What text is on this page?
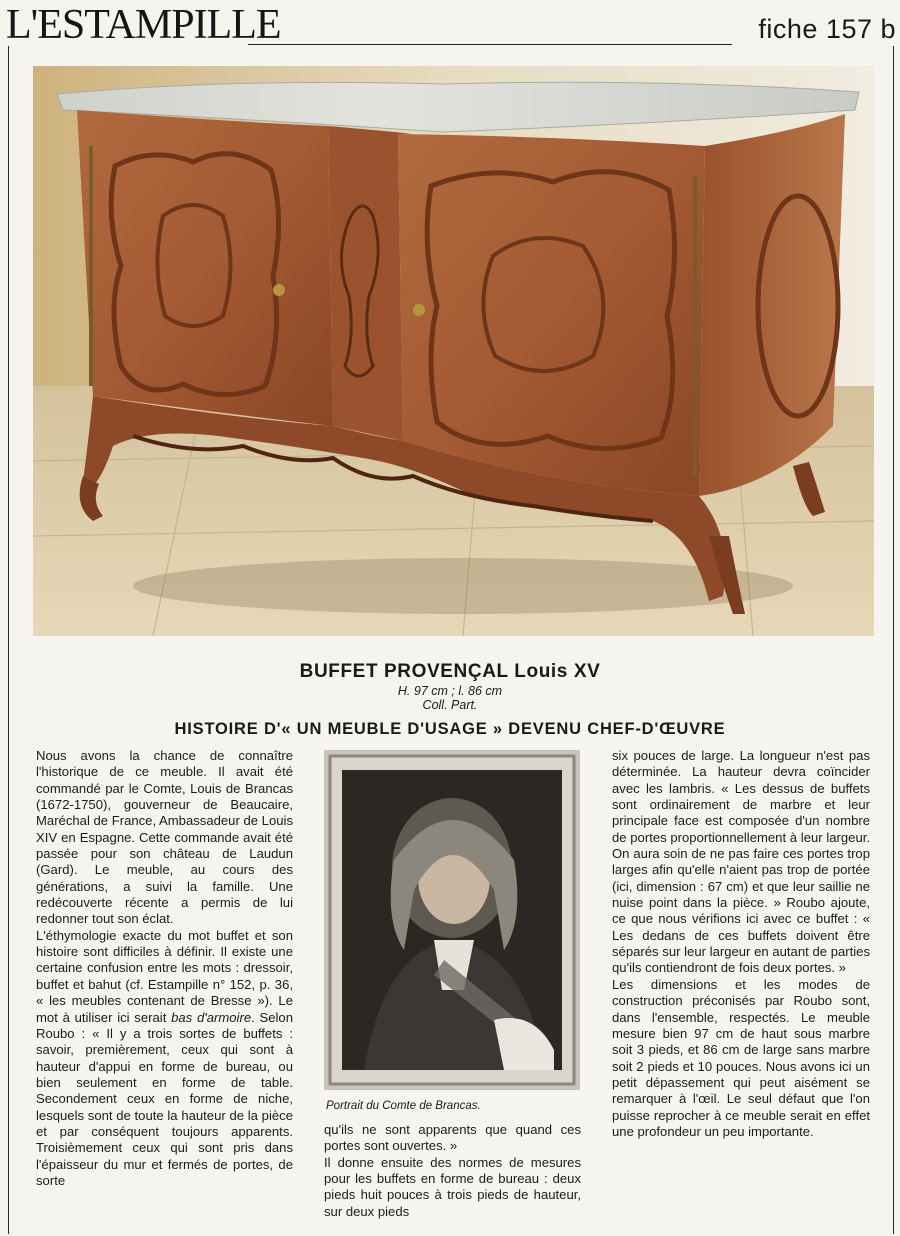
L'ESTAMPILLE	fiche 157 b
BUFFET PROVENÇAL Louis XV
H. 97 cm ; l. 86 cm
Coll. Part.
HISTOIRE D'« UN MEUBLE D'USAGE » DEVENU CHEF-D'ŒUVRE

Nous avons la chance de connaître l'historique de ce meuble. Il avait été commandé par le Comte, Louis de Brancas (1672-1750), gouverneur de Beaucaire, Maréchal de France, Ambassadeur de Louis XIV en Espagne. Cette commande avait été passée pour son château de Laudun (Gard). Le meuble, au cours des générations, a suivi la famille. Une redécouverte récente a permis de lui redonner tout son éclat.

L'éthymologie exacte du mot buffet et son histoire sont difficiles à définir. Il existe une certaine confusion entre les mots : dressoir, buffet et bahut (cf. Estampille n° 152, p. 36, « les meubles contenant de Bresse »). Le mot à utiliser ici serait bas d'armoire. Selon Roubo : « Il y a trois sortes de buffets : savoir, premièrement, ceux qui sont à hauteur d'appui en forme de bureau, ou bien seulement en forme de table. Secondement ceux en forme de niche, lesquels sont de toute la hauteur de la pièce et par conséquent toujours apparents. Troisièmement ceux qui sont pris dans l'épaisseur du mur et fermés de portes, de sorte

Portrait du Comte de Brancas.

qu'ils ne sont apparents que quand ces portes sont ouvertes. »

Il donne ensuite des normes de mesures pour les buffets en forme de bureau : deux pieds huit pouces à trois pieds de hauteur, sur deux pieds

six pouces de large. La longueur n'est pas déterminée. La hauteur devra coïncider avec les lambris. « Les dessus de buffets sont ordinairement de marbre et leur principale face est composée d'un nombre de portes proportionnellement à leur largeur. On aura soin de ne pas faire ces portes trop larges afin qu'elle n'aient pas trop de portée (ici, dimension : 67 cm) et que leur saillie ne nuise point dans la pièce. » Roubo ajoute, ce que nous vérifions ici avec ce buffet : « Les dedans de ces buffets doivent être séparés sur leur largeur en autant de parties qu'ils contiendront de fois deux portes. »

Les dimensions et les modes de construction préconisés par Roubo sont, dans l'ensemble, respectés. Le meuble mesure bien 97 cm de haut sous marbre soit 3 pieds, et 86 cm de large sans marbre soit 2 pieds et 10 pouces. Nous avons ici un petit dépassement qui peut aisément se remarquer à l'œil. Le seul défaut que l'on puisse reprocher à ce meuble serait en effet une profondeur un peu importante.
